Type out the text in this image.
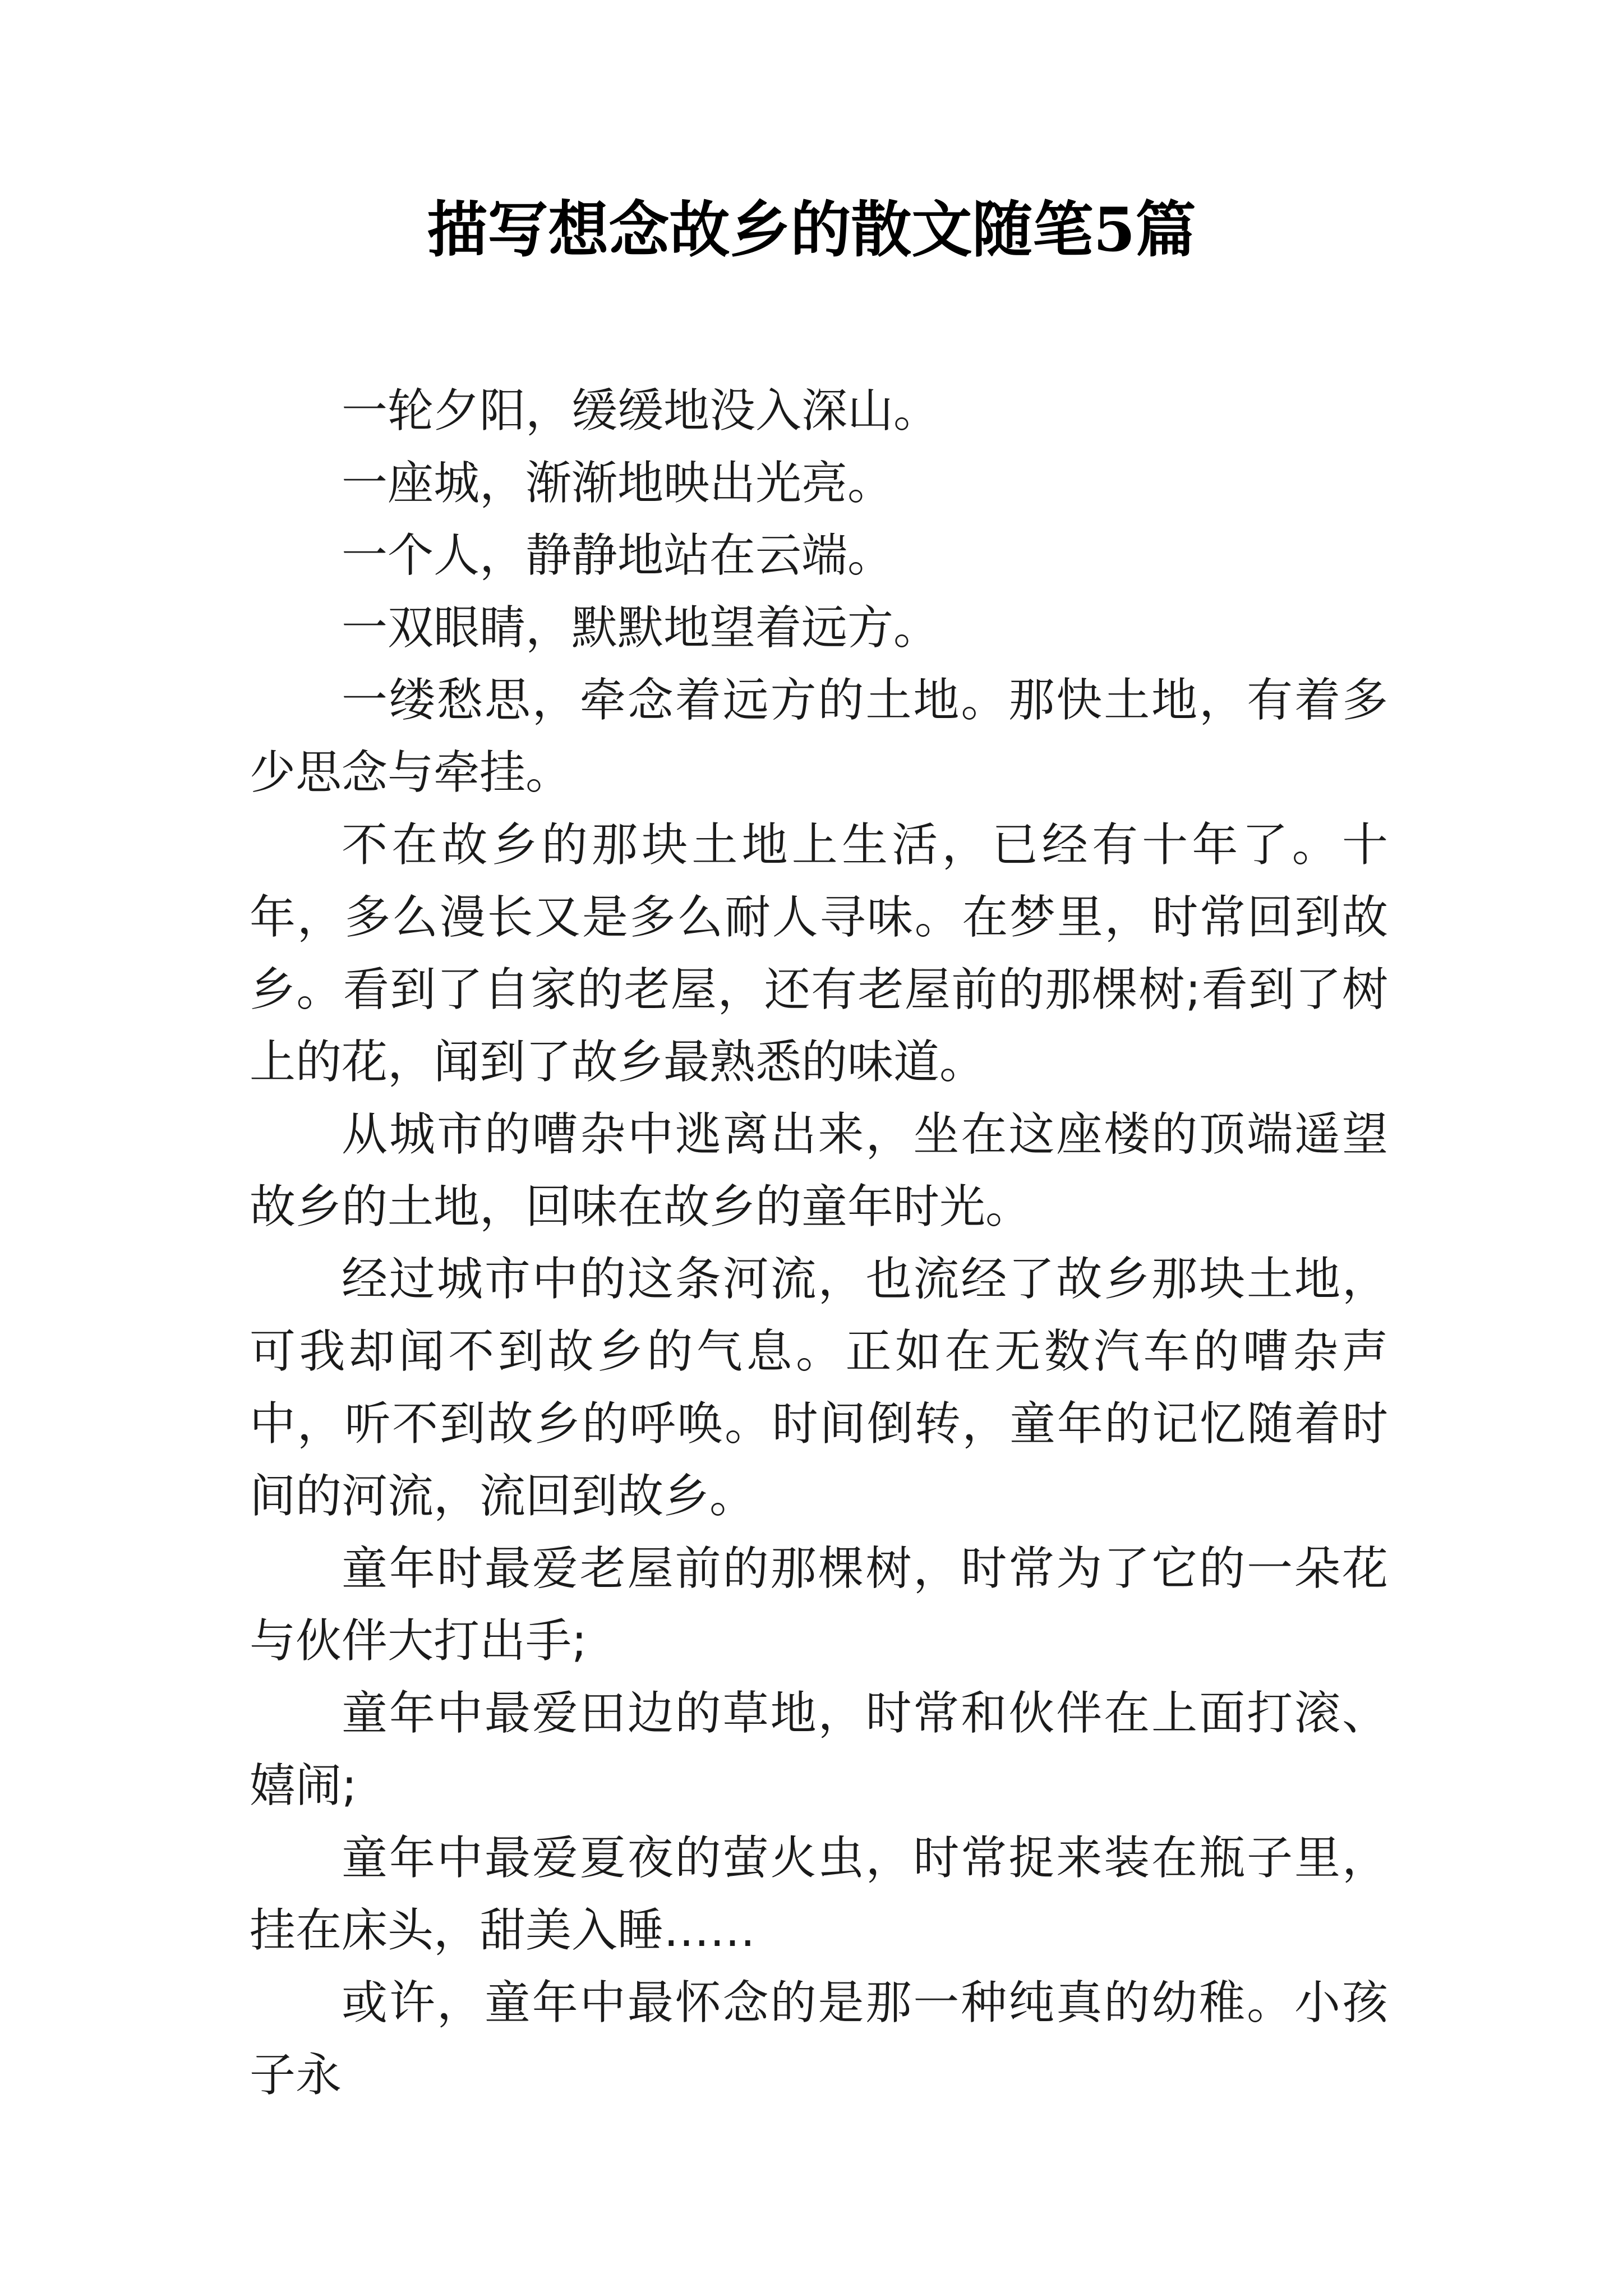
描写想念故乡的散文随笔5篇

一轮夕阳，缓缓地没入深山。

一座城，渐渐地映出光亮。

一个人，静静地站在云端。

一双眼睛，默默地望着远方。

一缕愁思，牵念着远方的土地。那快土地，有着多少思念与牵挂。

不在故乡的那块土地上生活，已经有十年了。十年，多么漫长又是多么耐人寻味。在梦里，时常回到故乡。看到了自家的老屋，还有老屋前的那棵树;看到了树上的花，闻到了故乡最熟悉的味道。

从城市的嘈杂中逃离出来，坐在这座楼的顶端遥望故乡的土地，回味在故乡的童年时光。

经过城市中的这条河流，也流经了故乡那块土地，可我却闻不到故乡的气息。正如在无数汽车的嘈杂声中，听不到故乡的呼唤。时间倒转，童年的记忆随着时间的河流，流回到故乡。

童年时最爱老屋前的那棵树，时常为了它的一朵花与伙伴大打出手;

童年中最爱田边的草地，时常和伙伴在上面打滚、嬉闹;

童年中最爱夏夜的萤火虫，时常捉来装在瓶子里，挂在床头，甜美入睡……

或许，童年中最怀念的是那一种纯真的幼稚。小孩子永
